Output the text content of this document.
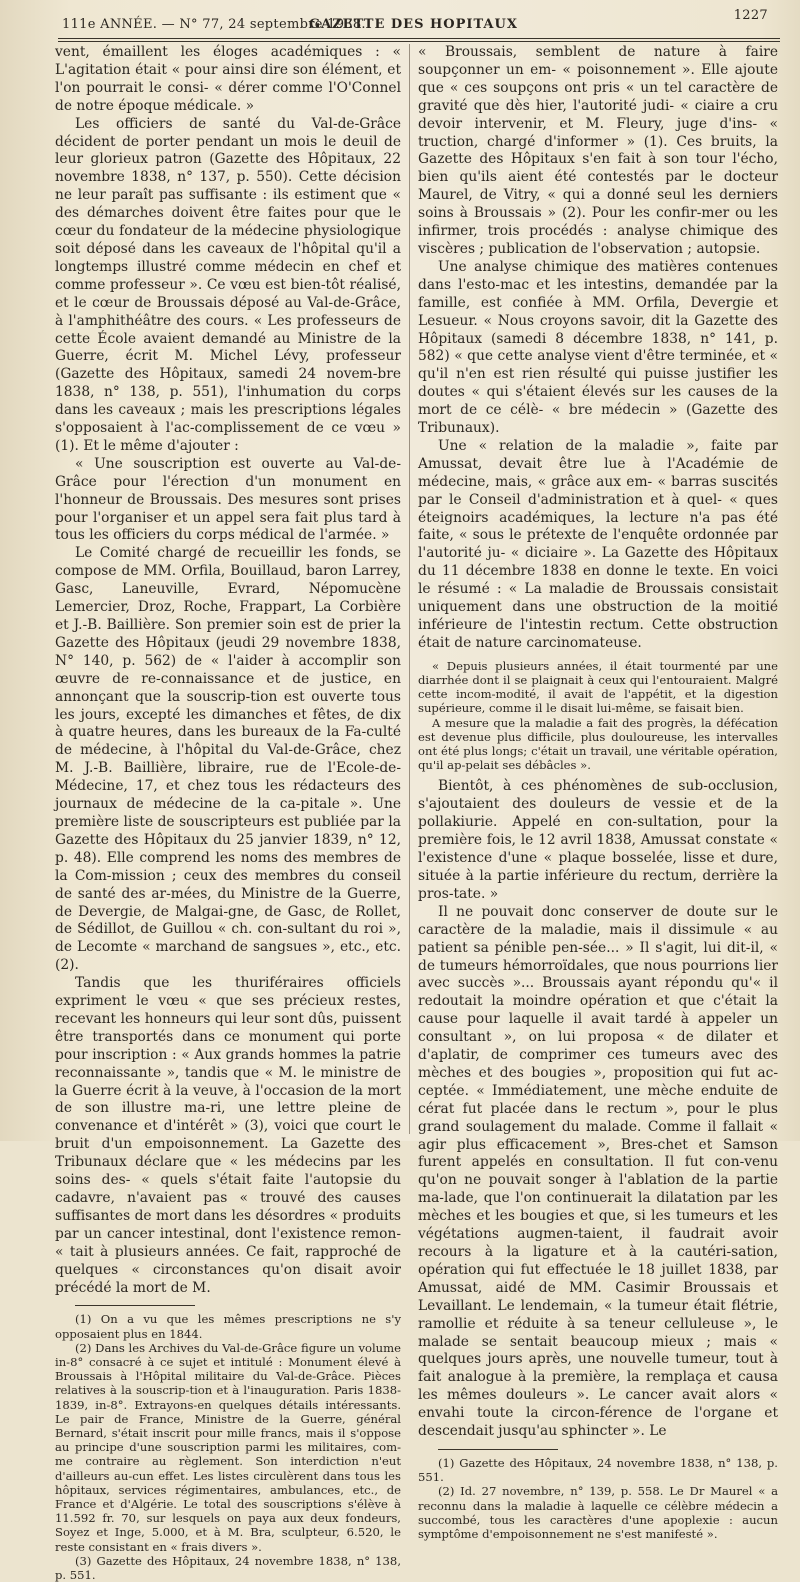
111e ANNÉE. — N° 77, 24 septembre 1938.
GAZETTE DES HOPITAUX
1227

vent, émaillent les éloges académiques : « L'agitation était « pour ainsi dire son élément, et l'on pourrait le consi- « dérer comme l'O'Connel de notre époque médicale. »

Les officiers de santé du Val-de-Grâce décident de porter pendant un mois le deuil de leur glorieux patron (Gazette des Hôpitaux, 22 novembre 1838, n° 137, p. 550). Cette décision ne leur paraît pas suffisante : ils estiment que « des démarches doivent être faites pour que le cœur du fondateur de la médecine physiologique soit déposé dans les caveaux de l'hôpital qu'il a longtemps illustré comme médecin en chef et comme professeur ». Ce vœu est bien-tôt réalisé, et le cœur de Broussais déposé au Val-de-Grâce, à l'amphithéâtre des cours. « Les professeurs de cette École avaient demandé au Ministre de la Guerre, écrit M. Michel Lévy, professeur (Gazette des Hôpitaux, samedi 24 novem-bre 1838, n° 138, p. 551), l'inhumation du corps dans les caveaux ; mais les prescriptions légales s'opposaient à l'ac-complissement de ce vœu » (1). Et le même d'ajouter :

« Une souscription est ouverte au Val-de-Grâce pour l'érection d'un monument en l'honneur de Broussais. Des mesures sont prises pour l'organiser et un appel sera fait plus tard à tous les officiers du corps médical de l'armée. »

Le Comité chargé de recueillir les fonds, se compose de MM. Orfila, Bouillaud, baron Larrey, Gasc, Laneuville, Evrard, Népomucène Lemercier, Droz, Roche, Frappart, La Corbière et J.-B. Baillière. Son premier soin est de prier la Gazette des Hôpitaux (jeudi 29 novembre 1838, N° 140, p. 562) de « l'aider à accomplir son œuvre de re-connaissance et de justice, en annonçant que la souscrip-tion est ouverte tous les jours, excepté les dimanches et fêtes, de dix à quatre heures, dans les bureaux de la Fa-culté de médecine, à l'hôpital du Val-de-Grâce, chez M. J.-B. Baillière, libraire, rue de l'Ecole-de-Médecine, 17, et chez tous les rédacteurs des journaux de médecine de la ca-pitale ». Une première liste de souscripteurs est publiée par la Gazette des Hôpitaux du 25 janvier 1839, n° 12, p. 48). Elle comprend les noms des membres de la Com-mission ; ceux des membres du conseil de santé des ar-mées, du Ministre de la Guerre, de Devergie, de Malgai-gne, de Gasc, de Rollet, de Sédillot, de Guillou « ch. con-sultant du roi », de Lecomte « marchand de sangsues », etc., etc. (2).

Tandis que les thuriféraires officiels expriment le vœu « que ses précieux restes, recevant les honneurs qui leur sont dûs, puissent être transportés dans ce monument qui porte pour inscription : « Aux grands hommes la patrie reconnaissante », tandis que « M. le ministre de la Guerre écrit à la veuve, à l'occasion de la mort de son illustre ma-ri, une lettre pleine de convenance et d'intérêt » (3), voici que court le bruit d'un empoisonnement. La Gazette des Tribunaux déclare que « les médecins par les soins des- « quels s'était faite l'autopsie du cadavre, n'avaient pas « trouvé des causes suffisantes de mort dans les désordres « produits par un cancer intestinal, dont l'existence remon- « tait à plusieurs années. Ce fait, rapproché de quelques « circonstances qu'on disait avoir précédé la mort de M.

(1) On a vu que les mêmes prescriptions ne s'y opposaient plus en 1844.

(2) Dans les Archives du Val-de-Grâce figure un volume in-8° consacré à ce sujet et intitulé : Monument élevé à Broussais à l'Hôpital militaire du Val-de-Grâce. Pièces relatives à la souscrip-tion et à l'inauguration. Paris 1838-1839, in-8°. Extrayons-en quelques détails intéressants. Le pair de France, Ministre de la Guerre, général Bernard, s'était inscrit pour mille francs, mais il s'oppose au principe d'une souscription parmi les militaires, com-me contraire au règlement. Son interdiction n'eut d'ailleurs au-cun effet. Les listes circulèrent dans tous les hôpitaux, services régimentaires, ambulances, etc., de France et d'Algérie. Le total des souscriptions s'élève à 11.592 fr. 70, sur lesquels on paya aux deux fondeurs, Soyez et Inge, 5.000, et à M. Bra, sculpteur, 6.520, le reste consistant en « frais divers ».

(3) Gazette des Hôpitaux, 24 novembre 1838, n° 138, p. 551.

« Broussais, semblent de nature à faire soupçonner un em- « poisonnement ». Elle ajoute que « ces soupçons ont pris « un tel caractère de gravité que dès hier, l'autorité judi- « ciaire a cru devoir intervenir, et M. Fleury, juge d'ins- « truction, chargé d'informer » (1). Ces bruits, la Gazette des Hôpitaux s'en fait à son tour l'écho, bien qu'ils aient été contestés par le docteur Maurel, de Vitry, « qui a donné seul les derniers soins à Broussais » (2). Pour les confir-mer ou les infirmer, trois procédés : analyse chimique des viscères ; publication de l'observation ; autopsie.

Une analyse chimique des matières contenues dans l'esto-mac et les intestins, demandée par la famille, est confiée à MM. Orfila, Devergie et Lesueur. « Nous croyons savoir, dit la Gazette des Hôpitaux (samedi 8 décembre 1838, n° 141, p. 582) « que cette analyse vient d'être terminée, et « qu'il n'en est rien résulté qui puisse justifier les doutes « qui s'étaient élevés sur les causes de la mort de ce célè- « bre médecin » (Gazette des Tribunaux).

Une « relation de la maladie », faite par Amussat, devait être lue à l'Académie de médecine, mais, « grâce aux em- « barras suscités par le Conseil d'administration et à quel- « ques éteignoirs académiques, la lecture n'a pas été faite, « sous le prétexte de l'enquête ordonnée par l'autorité ju- « diciaire ». La Gazette des Hôpitaux du 11 décembre 1838 en donne le texte. En voici le résumé : « La maladie de Broussais consistait uniquement dans une obstruction de la moitié inférieure de l'intestin rectum. Cette obstruction était de nature carcinomateuse.

« Depuis plusieurs années, il était tourmenté par une diarrhée dont il se plaignait à ceux qui l'entouraient. Malgré cette incom-modité, il avait de l'appétit, et la digestion supérieure, comme il le disait lui-même, se faisait bien.

A mesure que la maladie a fait des progrès, la défécation est devenue plus difficile, plus douloureuse, les intervalles ont été plus longs; c'était un travail, une véritable opération, qu'il ap-pelait ses débâcles ».

Bientôt, à ces phénomènes de sub-occlusion, s'ajoutaient des douleurs de vessie et de la pollakiurie. Appelé en con-sultation, pour la première fois, le 12 avril 1838, Amussat constate « l'existence d'une « plaque bosselée, lisse et dure, située à la partie inférieure du rectum, derrière la pros-tate. »

Il ne pouvait donc conserver de doute sur le caractère de la maladie, mais il dissimule « au patient sa pénible pen-sée... » Il s'agit, lui dit-il, « de tumeurs hémorroïdales, que nous pourrions lier avec succès »... Broussais ayant répondu qu'« il redoutait la moindre opération et que c'était la cause pour laquelle il avait tardé à appeler un consultant », on lui proposa « de dilater et d'aplatir, de comprimer ces tumeurs avec des mèches et des bougies », proposition qui fut ac-ceptée. « Immédiatement, une mèche enduite de cérat fut placée dans le rectum », pour le plus grand soulagement du malade. Comme il fallait « agir plus efficacement », Bres-chet et Samson furent appelés en consultation. Il fut con-venu qu'on ne pouvait songer à l'ablation de la partie ma-lade, que l'on continuerait la dilatation par les mèches et les bougies et que, si les tumeurs et les végétations augmen-taient, il faudrait avoir recours à la ligature et à la cautéri-sation, opération qui fut effectuée le 18 juillet 1838, par Amussat, aidé de MM. Casimir Broussais et Levaillant. Le lendemain, « la tumeur était flétrie, ramollie et réduite à sa teneur celluleuse », le malade se sentait beaucoup mieux ; mais « quelques jours après, une nouvelle tumeur, tout à fait analogue à la première, la remplaça et causa les mêmes douleurs ». Le cancer avait alors « envahi toute la circon-férence de l'organe et descendait jusqu'au sphincter ». Le

(1) Gazette des Hôpitaux, 24 novembre 1838, n° 138, p. 551.

(2) Id. 27 novembre, n° 139, p. 558. Le Dr Maurel « a reconnu dans la maladie à laquelle ce célèbre médecin a succombé, tous les caractères d'une apoplexie : aucun symptôme d'empoisonnement ne s'est manifesté ».
